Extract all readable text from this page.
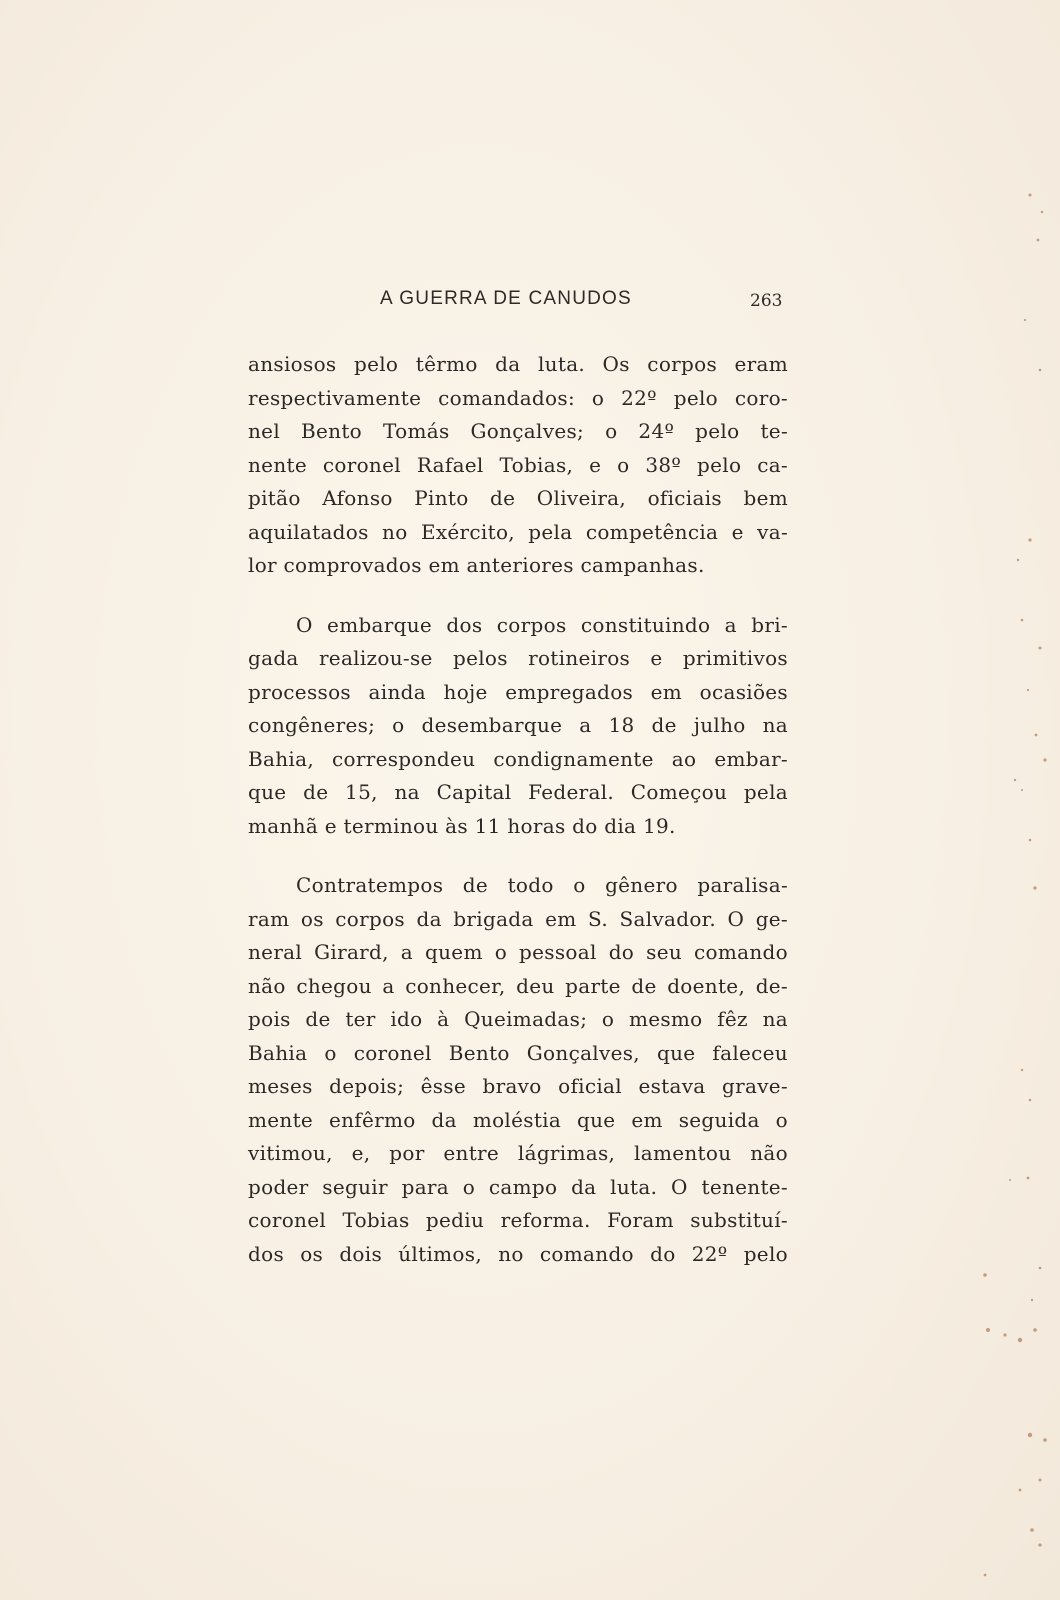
A GUERRA DE CANUDOS	263
ansiosos pelo têrmo da luta. Os corpos eram
respectivamente comandados: o 22º pelo coro-
nel Bento Tomás Gonçalves; o 24º pelo te-
nente coronel Rafael Tobias, e o 38º pelo ca-
pitão Afonso Pinto de Oliveira, oficiais bem
aquilatados no Exército, pela competência e va-
lor comprovados em anteriores campanhas.
O embarque dos corpos constituindo a bri-
gada realizou-se pelos rotineiros e primitivos
processos ainda hoje empregados em ocasiões
congêneres; o desembarque a 18 de julho na
Bahia, correspondeu condignamente ao embar-
que de 15, na Capital Federal. Começou pela
manhã e terminou às 11 horas do dia 19.
Contratempos de todo o gênero paralisa-
ram os corpos da brigada em S. Salvador. O ge-
neral Girard, a quem o pessoal do seu comando
não chegou a conhecer, deu parte de doente, de-
pois de ter ido à Queimadas; o mesmo fêz na
Bahia o coronel Bento Gonçalves, que faleceu
meses depois; êsse bravo oficial estava grave-
mente enfêrmo da moléstia que em seguida o
vitimou, e, por entre lágrimas, lamentou não
poder seguir para o campo da luta. O tenente-
coronel Tobias pediu reforma. Foram substituí-
dos os dois últimos, no comando do 22º pelo
